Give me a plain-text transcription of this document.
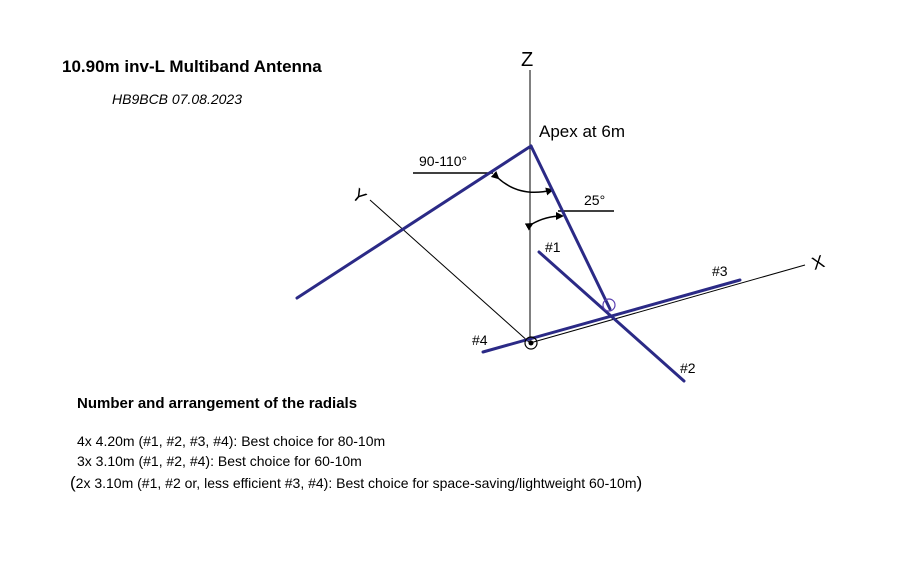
10.90m inv-L Multiband Antenna
HB9BCB 07.08.2023
Z
X
Y
Apex at 6m
90-110°
25°
#1
#2
#3
#4
Number and arrangement of the radials
4x 4.20m (#1, #2, #3, #4): Best choice for 80-10m
3x 3.10m (#1, #2, #4): Best choice for 60-10m
(2x 3.10m (#1, #2 or, less efficient #3, #4): Best choice for space-saving/lightweight 60-10m)
